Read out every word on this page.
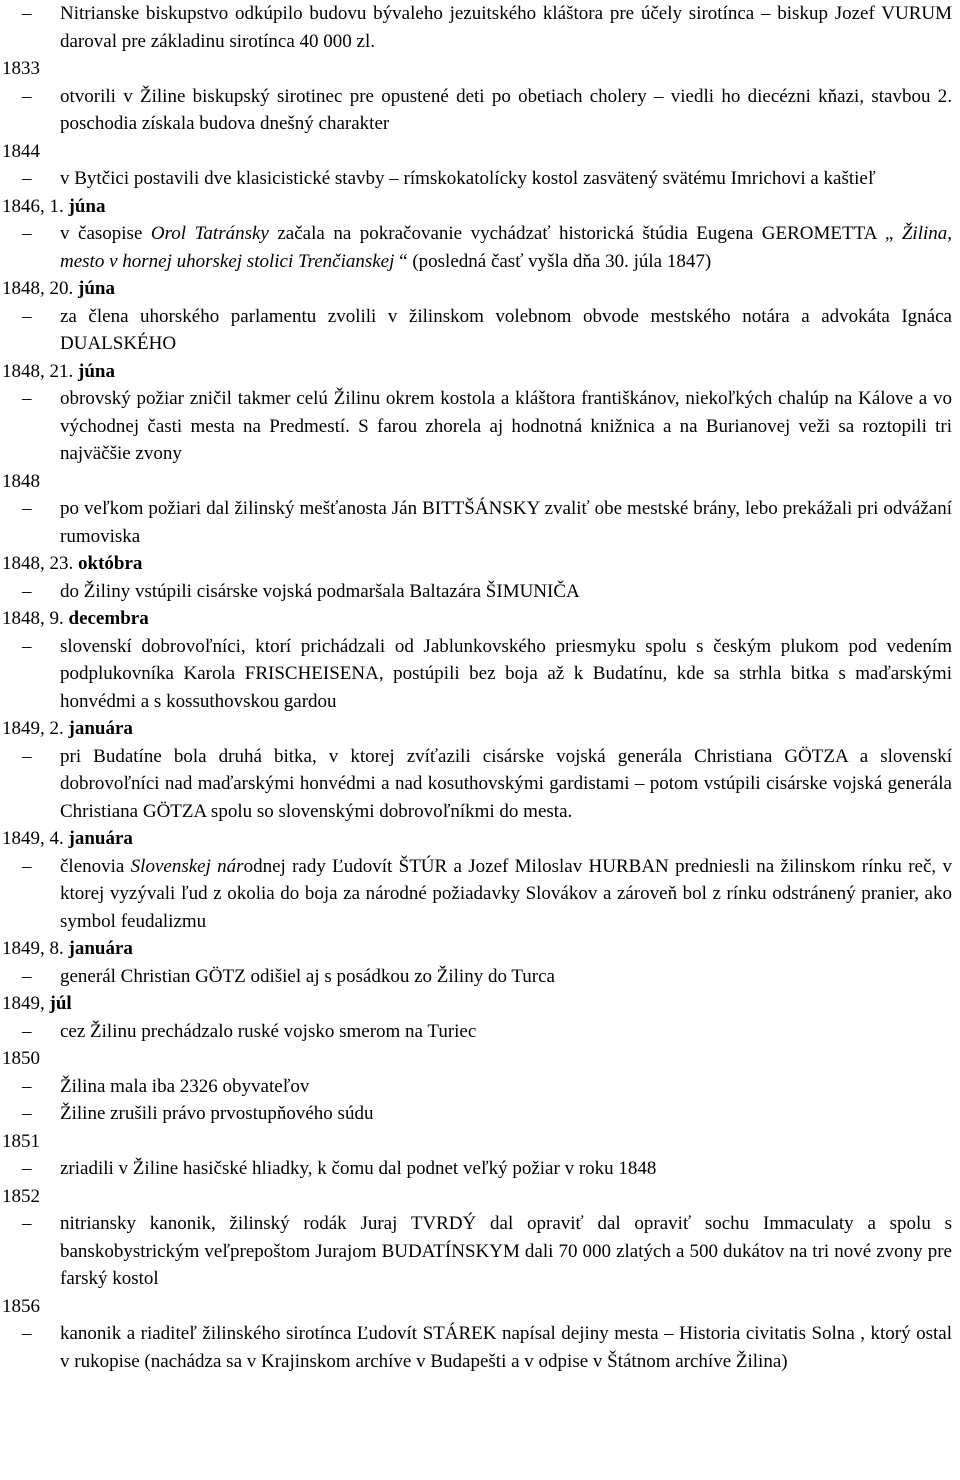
– Nitrianske biskupstvo odkúpilo budovu bývaleho jezuitského kláštora pre účely sirotínca – biskup Jozef VURUM daroval pre základinu sirotínca 40 000 zl.
1833
– otvorili v Žiline biskupský sirotinec pre opustené deti po obetiach cholery – viedli ho diecézni kňazi, stavbou 2. poschodia získala budova dnešný charakter
1844
– v Bytčici postavili dve klasicistické stavby – rímskokatolícky kostol zasvätený svätému Imrichovi a kaštieľ
1846, 1. júna
– v časopise Orol Tatránsky začala na pokračovanie vychádzať historická štúdia Eugena GEROMETTA „ Žilina, mesto v hornej uhorskej stolici Trenčianskej “ (posledná časť vyšla dňa 30. júla 1847)
1848, 20. júna
– za člena uhorského parlamentu zvolili v žilinskom volebnom obvode mestského notára a advokáta Ignáca DUALSKÉHO
1848, 21. júna
– obrovský požiar zničil takmer celú Žilinu okrem kostola a kláštora františkánov, niekoľkých chalúp na Kálove a vo východnej časti mesta na Predmestí. S farou zhorela aj hodnotná knižnica a na Burianovej veži sa roztopili tri najväčšie zvony
1848
– po veľkom požiari dal žilinský mešťanosta Ján BITTŠÁNSKY zvaliť obe mestské brány, lebo prekážali pri odvážaní rumoviska
1848, 23. októbra
– do Žiliny vstúpili cisárske vojská podmaršala Baltazára ŠIMUNIČA
1848, 9. decembra
– slovenskí dobrovoľníci, ktorí prichádzali od Jablunkovského priesmyku spolu s českým plukom pod vedením podplukovníka Karola FRISCHEISENA, postúpili bez boja až k Budatínu, kde sa strhla bitka s maďarskými honvédmi a s kossuthovskou gardou
1849, 2. januára
– pri Budatíne bola druhá bitka, v ktorej zvíťazili cisárske vojská generála Christiana GÖTZA a slovenskí dobrovoľníci nad maďarskými honvédmi a nad kosuthovskými gardistami – potom vstúpili cisárske vojská generála Christiana GÖTZA spolu so slovenskými dobrovoľníkmi do mesta.
1849, 4. januára
– členovia Slovenskej národnej rady Ľudovít ŠTÚR a Jozef Miloslav HURBAN predniesli na žilinskom rínku reč, v ktorej vyzývali ľud z okolia do boja za národné požiadavky Slovákov a zároveň bol z rínku odstránený pranier, ako symbol feudalizmu
1849, 8. januára
– generál Christian GÖTZ odišiel aj s posádkou zo Žiliny do Turca
1849, júl
– cez Žilinu prechádzalo ruské vojsko smerom na Turiec
1850
– Žilina mala iba 2326 obyvateľov
– Žiline zrušili právo prvostupňového súdu
1851
– zriadili v Žiline hasičské hliadky, k čomu dal podnet veľký požiar v roku 1848
1852
– nitriansky kanonik, žilinský rodák Juraj TVRDÝ dal opraviť dal opraviť sochu Immaculaty a spolu s banskobystrickým veľprepoštom Jurajom BUDATÍNSKYM dali 70 000 zlatých a 500 dukátov na tri nové zvony pre farský kostol
1856
– kanonik a riaditeľ žilinského sirotínca Ľudovít STÁREK napísal dejiny mesta – Historia civitatis Solna , ktorý ostal v rukopise (nachádza sa v Krajinskom archíve v Budapešti a v odpise v Štátnom archíve Žilina)
